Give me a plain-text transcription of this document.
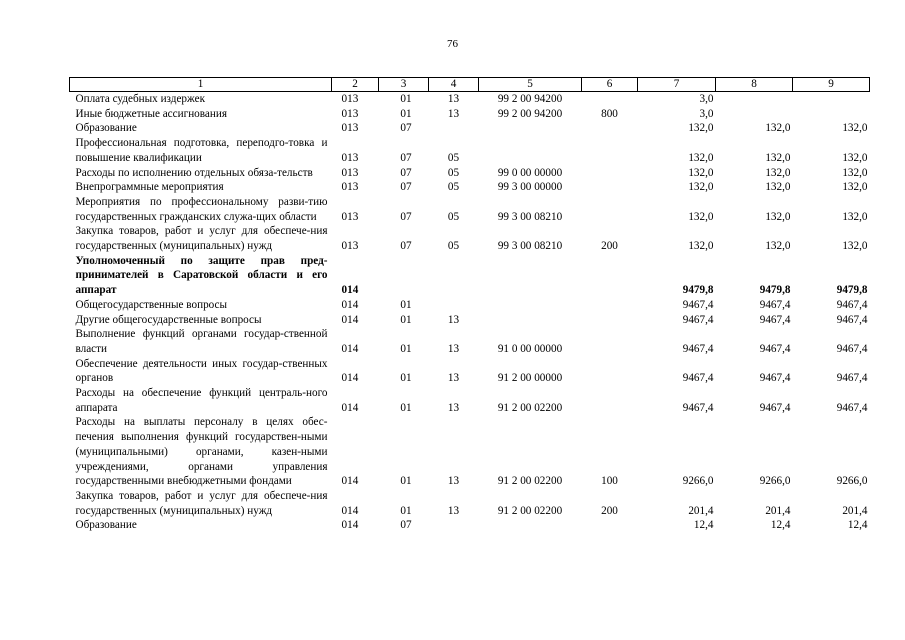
76
1	2	3	4	5	6	7	8	9
Оплата судебных издержек	013	01	13	99 2 00 94200		3,0		
Иные бюджетные ассигнования	013	01	13	99 2 00 94200	800	3,0		
Образование	013	07				132,0	132,0	132,0
Профессиональная подготовка, переподго-товка и повышение квалификации	013	07	05			132,0	132,0	132,0
Расходы по исполнению отдельных обяза-тельств	013	07	05	99 0 00 00000		132,0	132,0	132,0
Внепрограммные мероприятия	013	07	05	99 3 00 00000		132,0	132,0	132,0
Мероприятия по профессиональному разви-тию государственных гражданских служа-щих области	013	07	05	99 3 00 08210		132,0	132,0	132,0
Закупка товаров, работ и услуг для обеспече-ния государственных (муниципальных) нужд	013	07	05	99 3 00 08210	200	132,0	132,0	132,0
Уполномоченный по защите прав пред-принимателей в Саратовской области и его аппарат	014					9479,8	9479,8	9479,8
Общегосударственные вопросы	014	01				9467,4	9467,4	9467,4
Другие общегосударственные вопросы	014	01	13			9467,4	9467,4	9467,4
Выполнение функций органами государ-ственной власти	014	01	13	91 0 00 00000		9467,4	9467,4	9467,4
Обеспечение деятельности иных государ-ственных органов	014	01	13	91 2 00 00000		9467,4	9467,4	9467,4
Расходы на обеспечение функций централь-ного аппарата	014	01	13	91 2 00 02200		9467,4	9467,4	9467,4
Расходы на выплаты персоналу в целях обес-печения выполнения функций государствен-ными (муниципальными) органами, казен-ными учреждениями, органами управления государственными внебюджетными фондами	014	01	13	91 2 00 02200	100	9266,0	9266,0	9266,0
Закупка товаров, работ и услуг для обеспече-ния государственных (муниципальных) нужд	014	01	13	91 2 00 02200	200	201,4	201,4	201,4
Образование	014	07				12,4	12,4	12,4
